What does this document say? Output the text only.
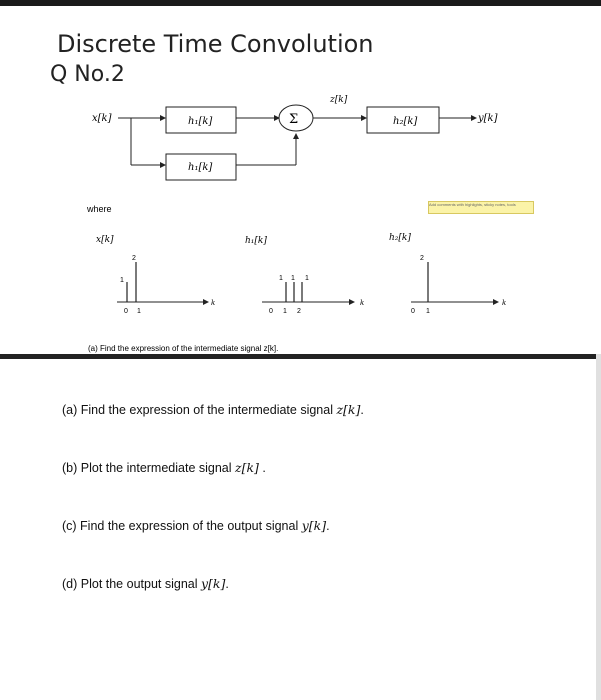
Discrete Time Convolution
Q No.2
x[k]	h₁[k]
h₁[k]
Σ
z[k]
h₂[k]	y[k]
where
x[k]
1
2
0 1
k
h₁[k]
1 1 1
0 1 2
k
h₂[k]
2
0 1
k
(a) Find the expression of the intermediate signal z[k].
Add comments with highlights, sticky notes, tools
(a) Find the expression of the intermediate signal z[k].
(b) Plot the intermediate signal z[k] .
(c) Find the expression of the output signal y[k].
(d) Plot the output signal y[k].
